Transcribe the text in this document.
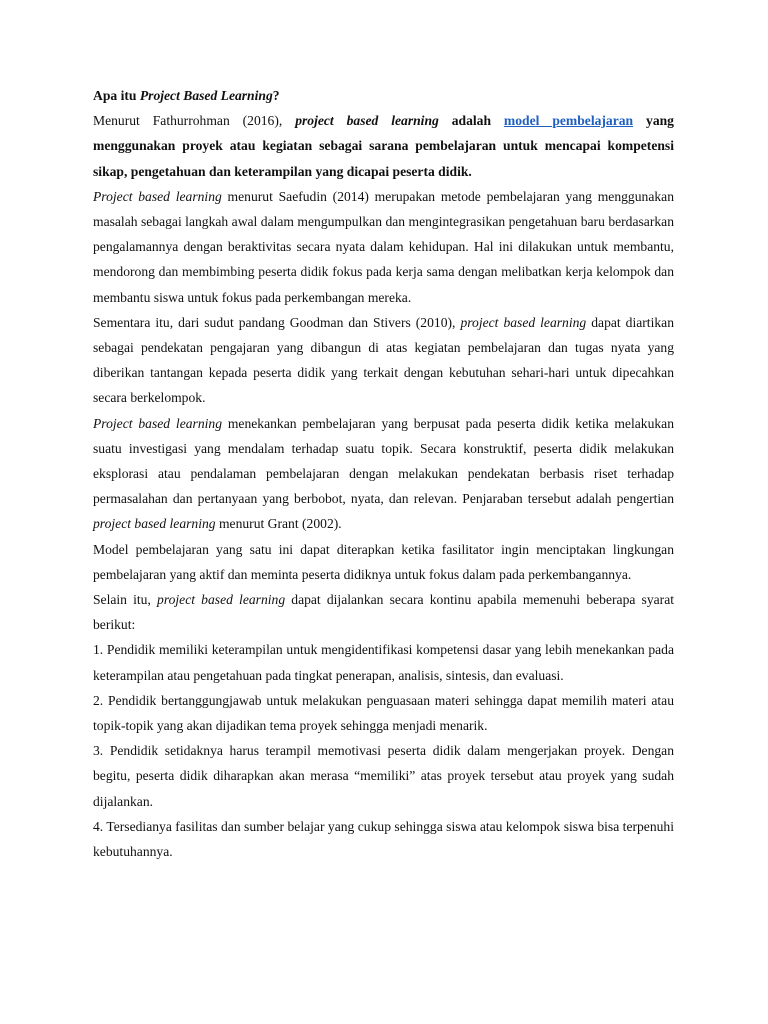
Apa itu Project Based Learning?

Menurut Fathurrohman (2016), project based learning adalah model pembelajaran yang menggunakan proyek atau kegiatan sebagai sarana pembelajaran untuk mencapai kompetensi sikap, pengetahuan dan keterampilan yang dicapai peserta didik.

Project based learning menurut Saefudin (2014) merupakan metode pembelajaran yang menggunakan masalah sebagai langkah awal dalam mengumpulkan dan mengintegrasikan pengetahuan baru berdasarkan pengalamannya dengan beraktivitas secara nyata dalam kehidupan. Hal ini dilakukan untuk membantu, mendorong dan membimbing peserta didik fokus pada kerja sama dengan melibatkan kerja kelompok dan membantu siswa untuk fokus pada perkembangan mereka.

Sementara itu, dari sudut pandang Goodman dan Stivers (2010), project based learning dapat diartikan sebagai pendekatan pengajaran yang dibangun di atas kegiatan pembelajaran dan tugas nyata yang diberikan tantangan kepada peserta didik yang terkait dengan kebutuhan sehari-hari untuk dipecahkan secara berkelompok.

Project based learning menekankan pembelajaran yang berpusat pada peserta didik ketika melakukan suatu investigasi yang mendalam terhadap suatu topik. Secara konstruktif, peserta didik melakukan eksplorasi atau pendalaman pembelajaran dengan melakukan pendekatan berbasis riset terhadap permasalahan dan pertanyaan yang berbobot, nyata, dan relevan. Penjaraban tersebut adalah pengertian project based learning menurut Grant (2002).

Model pembelajaran yang satu ini dapat diterapkan ketika fasilitator ingin menciptakan lingkungan pembelajaran yang aktif dan meminta peserta didiknya untuk fokus dalam pada perkembangannya.

Selain itu, project based learning dapat dijalankan secara kontinu apabila memenuhi beberapa syarat berikut:

1. Pendidik memiliki keterampilan untuk mengidentifikasi kompetensi dasar yang lebih menekankan pada keterampilan atau pengetahuan pada tingkat penerapan, analisis, sintesis, dan evaluasi.

2. Pendidik bertanggungjawab untuk melakukan penguasaan materi sehingga dapat memilih materi atau topik-topik yang akan dijadikan tema proyek sehingga menjadi menarik.

3. Pendidik setidaknya harus terampil memotivasi peserta didik dalam mengerjakan proyek. Dengan begitu, peserta didik diharapkan akan merasa “memiliki” atas proyek tersebut atau proyek yang sudah dijalankan.

4. Tersedianya fasilitas dan sumber belajar yang cukup sehingga siswa atau kelompok siswa bisa terpenuhi kebutuhannya.
